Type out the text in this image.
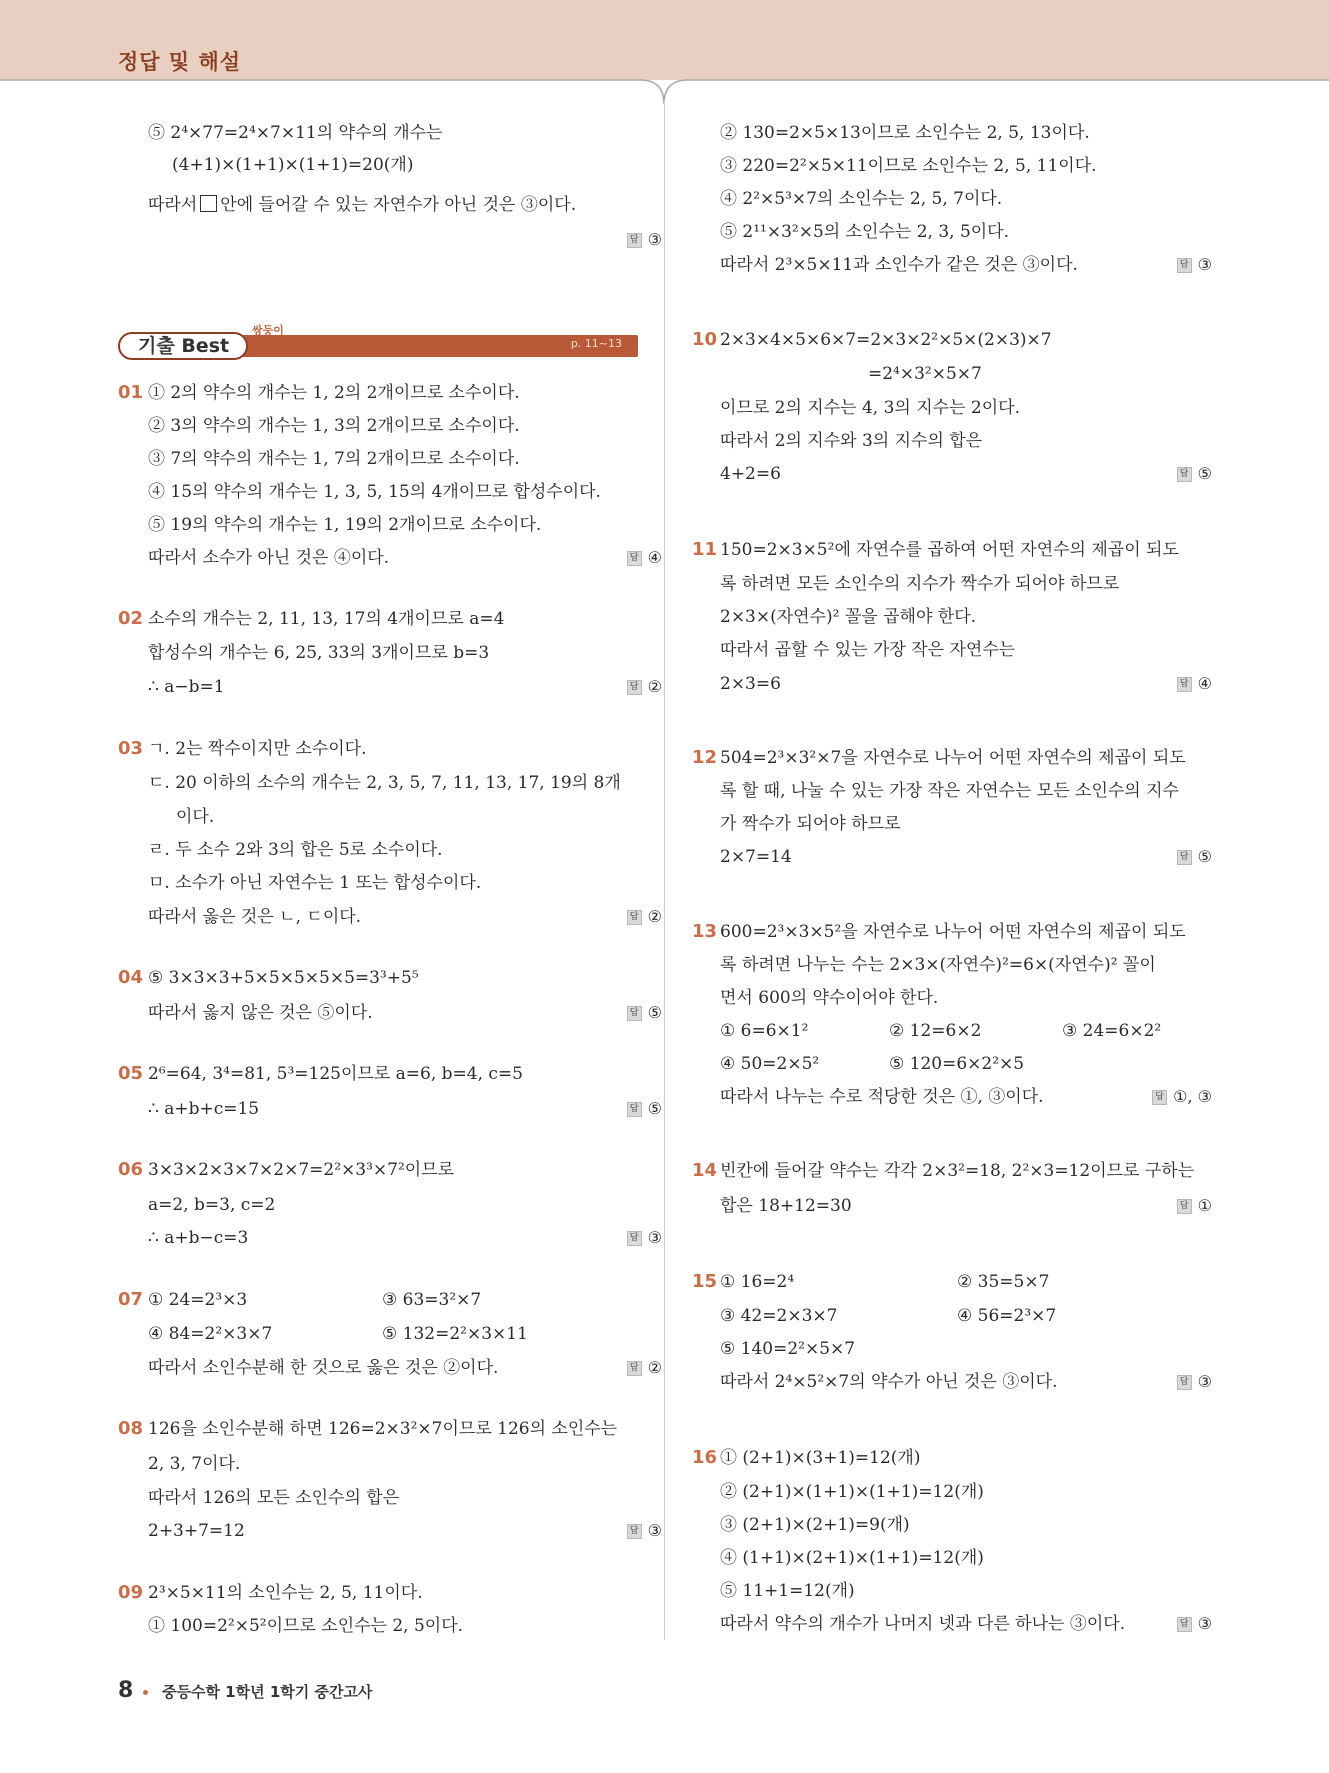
정답 및 해설
⑤ 2⁴×77=2⁴×7×11의 약수의 개수는
(4+1)×(1+1)×(1+1)=20(개)
따라서 안에 들어갈 수 있는 자연수가 아닌 것은 ③이다.
답 ③
01 ① 2의 약수의 개수는 1, 2의 2개이므로 소수이다.
② 3의 약수의 개수는 1, 3의 2개이므로 소수이다.
③ 7의 약수의 개수는 1, 7의 2개이므로 소수이다.
④ 15의 약수의 개수는 1, 3, 5, 15의 4개이므로 합성수이다.
⑤ 19의 약수의 개수는 1, 19의 2개이므로 소수이다.
따라서 소수가 아닌 것은 ④이다.	답 ④
02 소수의 개수는 2, 11, 13, 17의 4개이므로 a=4
합성수의 개수는 6, 25, 33의 3개이므로 b=3
∴ a−b=1	답 ②
03 ㄱ. 2는 짝수이지만 소수이다.
ㄷ. 20 이하의 소수의 개수는 2, 3, 5, 7, 11, 13, 17, 19의 8개
이다.
ㄹ. 두 소수 2와 3의 합은 5로 소수이다.
ㅁ. 소수가 아닌 자연수는 1 또는 합성수이다.
따라서 옳은 것은 ㄴ, ㄷ이다.	답 ②
04 ⑤ 3×3×3+5×5×5×5×5=3³+5⁵
따라서 옳지 않은 것은 ⑤이다.	답 ⑤
05 2⁶=64, 3⁴=81, 5³=125이므로 a=6, b=4, c=5
∴ a+b+c=15	답 ⑤
06 3×3×2×3×7×2×7=2²×3³×7²이므로
a=2, b=3, c=2
∴ a+b−c=3	답 ③
07 ① 24=2³×3	③ 63=3²×7
④ 84=2²×3×7	⑤ 132=2²×3×11
따라서 소인수분해 한 것으로 옳은 것은 ②이다.	답 ②
08 126을 소인수분해 하면 126=2×3²×7이므로 126의 소인수는
2, 3, 7이다.
따라서 126의 모든 소인수의 합은
2+3+7=12	답 ③
09 2³×5×11의 소인수는 2, 5, 11이다.
① 100=2²×5²이므로 소인수는 2, 5이다.
기출 Best
쌍둥이
p. 11~13
② 130=2×5×13이므로 소인수는 2, 5, 13이다.
③ 220=2²×5×11이므로 소인수는 2, 5, 11이다.
④ 2²×5³×7의 소인수는 2, 5, 7이다.
⑤ 2¹¹×3²×5의 소인수는 2, 3, 5이다.
따라서 2³×5×11과 소인수가 같은 것은 ③이다.	답 ③
10 2×3×4×5×6×7=2×3×2²×5×(2×3)×7
=2⁴×3²×5×7
이므로 2의 지수는 4, 3의 지수는 2이다.
따라서 2의 지수와 3의 지수의 합은
4+2=6	답 ⑤
11 150=2×3×5²에 자연수를 곱하여 어떤 자연수의 제곱이 되도
록 하려면 모든 소인수의 지수가 짝수가 되어야 하므로
2×3×(자연수)² 꼴을 곱해야 한다.
따라서 곱할 수 있는 가장 작은 자연수는
2×3=6	답 ④
12 504=2³×3²×7을 자연수로 나누어 어떤 자연수의 제곱이 되도
록 할 때, 나눌 수 있는 가장 작은 자연수는 모든 소인수의 지수
가 짝수가 되어야 하므로
2×7=14	답 ⑤
13 600=2³×3×5²을 자연수로 나누어 어떤 자연수의 제곱이 되도
록 하려면 나누는 수는 2×3×(자연수)²=6×(자연수)² 꼴이
면서 600의 약수이어야 한다.
① 6=6×1²	② 12=6×2	③ 24=6×2²
④ 50=2×5²	⑤ 120=6×2²×5
따라서 나누는 수로 적당한 것은 ①, ③이다.	답 ①, ③
14 빈칸에 들어갈 약수는 각각 2×3²=18, 2²×3=12이므로 구하는
합은 18+12=30	답 ①
15 ① 16=2⁴	② 35=5×7
③ 42=2×3×7	④ 56=2³×7
⑤ 140=2²×5×7
따라서 2⁴×5²×7의 약수가 아닌 것은 ③이다.	답 ③
16 ① (2+1)×(3+1)=12(개)
② (2+1)×(1+1)×(1+1)=12(개)
③ (2+1)×(2+1)=9(개)
④ (1+1)×(2+1)×(1+1)=12(개)
⑤ 11+1=12(개)
따라서 약수의 개수가 나머지 넷과 다른 하나는 ③이다.	답 ③
8 중등수학 1학년 1학기 중간고사
